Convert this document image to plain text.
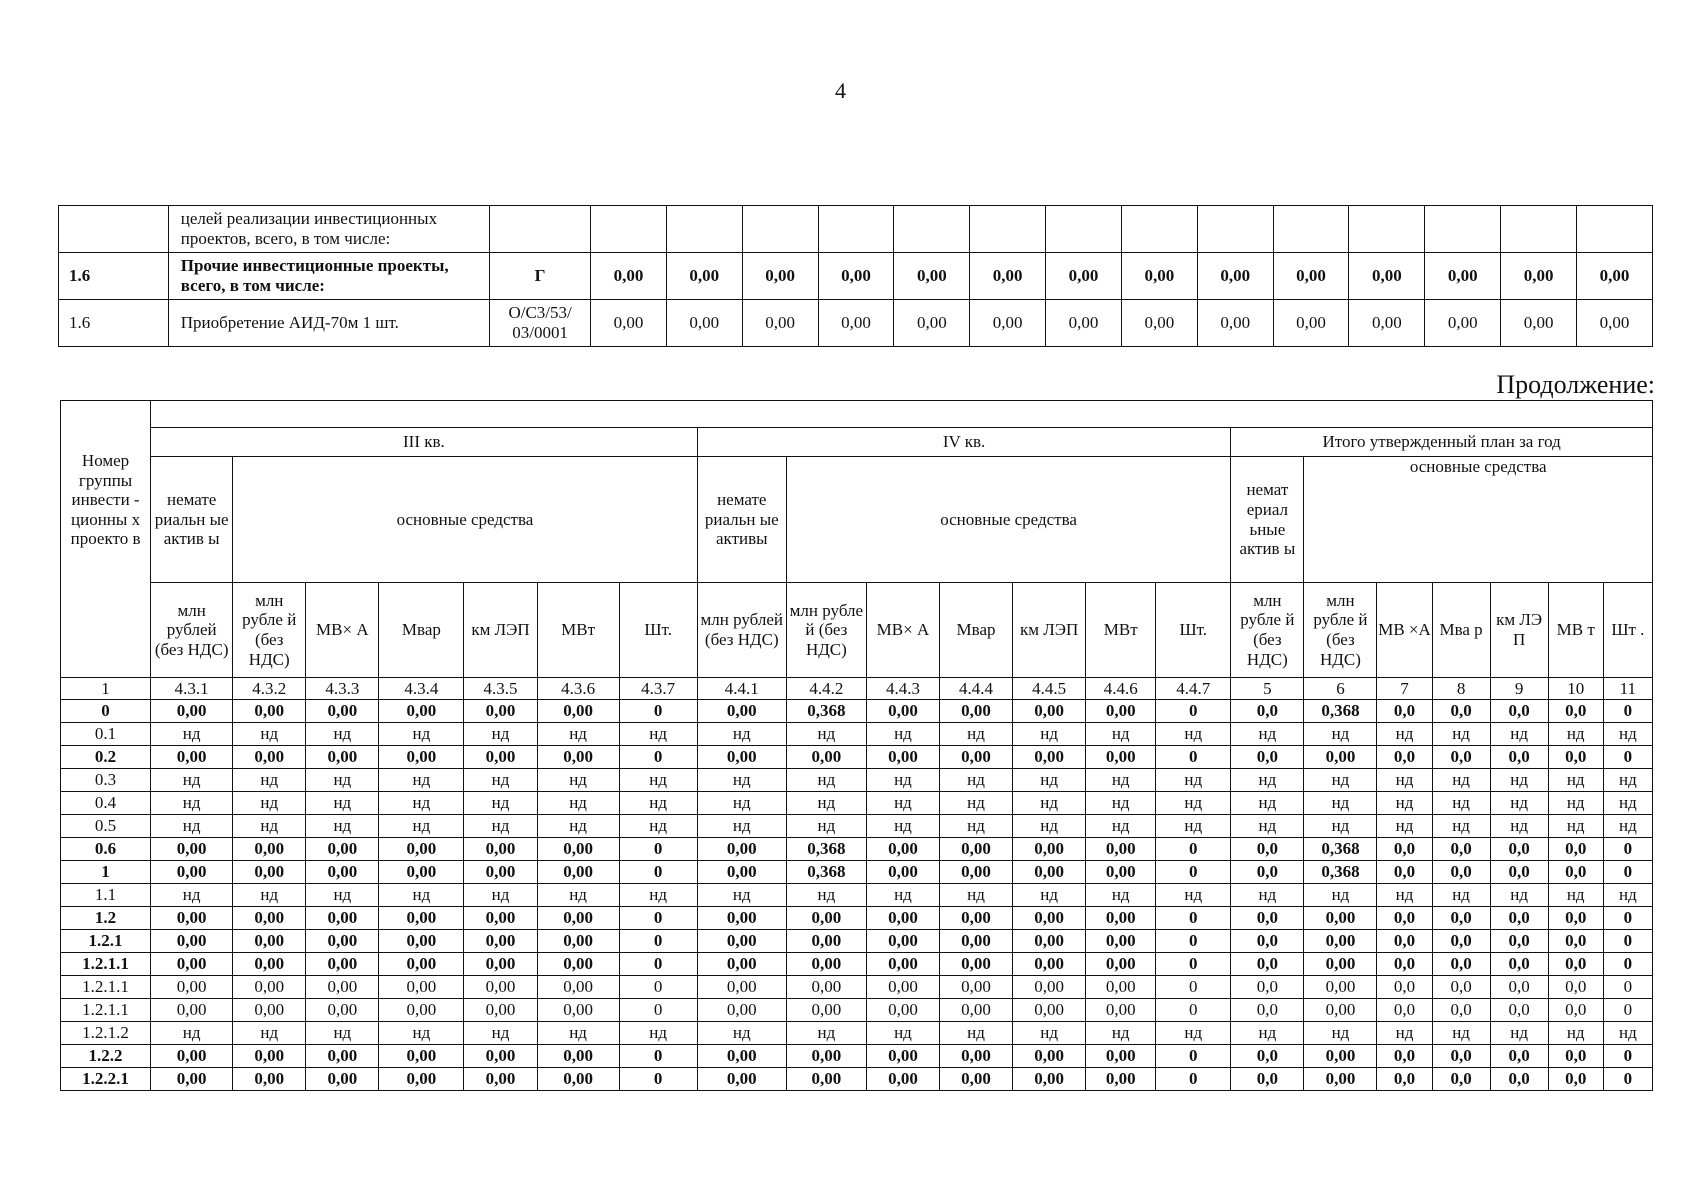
4
	целей реализации инвестиционных проектов, всего, в том числе:															
1.6	Прочие инвестиционные проекты, всего, в том числе:	Г	0,00	0,00	0,00	0,00	0,00	0,00	0,00	0,00	0,00	0,00	0,00	0,00	0,00	0,00
1.6	Приобретение АИД-70м 1 шт.	О/С3/53/ 03/0001	0,00	0,00	0,00	0,00	0,00	0,00	0,00	0,00	0,00	0,00	0,00	0,00	0,00	0,00
Продолжение:
Номер группы инвести - ционны х проекто в																					
	III кв.							IV кв.							Итого утвержденный план за год						
	немате риальн ые актив ы	основные средства						немате риальн ые активы	основные средства						немат ериал ьные актив ы	основные средства					
	млн рублей (без НДС)	млн рубле й (без НДС)	МВ× А	Мвар	км ЛЭП	МВт	Шт.	млн рублей (без НДС)	млн рубле й (без НДС)	МВ× А	Мвар	км ЛЭП	МВт	Шт.	млн рубле й (без НДС)	млн рубле й (без НДС)	МВ ×А	Мва р	км ЛЭ П	МВ т	Шт .
1	4.3.1	4.3.2	4.3.3	4.3.4	4.3.5	4.3.6	4.3.7	4.4.1	4.4.2	4.4.3	4.4.4	4.4.5	4.4.6	4.4.7	5	6	7	8	9	10	11
0	0,00	0,00	0,00	0,00	0,00	0,00	0	0,00	0,368	0,00	0,00	0,00	0,00	0	0,0	0,368	0,0	0,0	0,0	0,0	0
0.1	нд	нд	нд	нд	нд	нд	нд	нд	нд	нд	нд	нд	нд	нд	нд	нд	нд	нд	нд	нд	нд
0.2	0,00	0,00	0,00	0,00	0,00	0,00	0	0,00	0,00	0,00	0,00	0,00	0,00	0	0,0	0,00	0,0	0,0	0,0	0,0	0
0.3	нд	нд	нд	нд	нд	нд	нд	нд	нд	нд	нд	нд	нд	нд	нд	нд	нд	нд	нд	нд	нд
0.4	нд	нд	нд	нд	нд	нд	нд	нд	нд	нд	нд	нд	нд	нд	нд	нд	нд	нд	нд	нд	нд
0.5	нд	нд	нд	нд	нд	нд	нд	нд	нд	нд	нд	нд	нд	нд	нд	нд	нд	нд	нд	нд	нд
0.6	0,00	0,00	0,00	0,00	0,00	0,00	0	0,00	0,368	0,00	0,00	0,00	0,00	0	0,0	0,368	0,0	0,0	0,0	0,0	0
1	0,00	0,00	0,00	0,00	0,00	0,00	0	0,00	0,368	0,00	0,00	0,00	0,00	0	0,0	0,368	0,0	0,0	0,0	0,0	0
1.1	нд	нд	нд	нд	нд	нд	нд	нд	нд	нд	нд	нд	нд	нд	нд	нд	нд	нд	нд	нд	нд
1.2	0,00	0,00	0,00	0,00	0,00	0,00	0	0,00	0,00	0,00	0,00	0,00	0,00	0	0,0	0,00	0,0	0,0	0,0	0,0	0
1.2.1	0,00	0,00	0,00	0,00	0,00	0,00	0	0,00	0,00	0,00	0,00	0,00	0,00	0	0,0	0,00	0,0	0,0	0,0	0,0	0
1.2.1.1	0,00	0,00	0,00	0,00	0,00	0,00	0	0,00	0,00	0,00	0,00	0,00	0,00	0	0,0	0,00	0,0	0,0	0,0	0,0	0
1.2.1.1	0,00	0,00	0,00	0,00	0,00	0,00	0	0,00	0,00	0,00	0,00	0,00	0,00	0	0,0	0,00	0,0	0,0	0,0	0,0	0
1.2.1.1	0,00	0,00	0,00	0,00	0,00	0,00	0	0,00	0,00	0,00	0,00	0,00	0,00	0	0,0	0,00	0,0	0,0	0,0	0,0	0
1.2.1.2	нд	нд	нд	нд	нд	нд	нд	нд	нд	нд	нд	нд	нд	нд	нд	нд	нд	нд	нд	нд	нд
1.2.2	0,00	0,00	0,00	0,00	0,00	0,00	0	0,00	0,00	0,00	0,00	0,00	0,00	0	0,0	0,00	0,0	0,0	0,0	0,0	0
1.2.2.1	0,00	0,00	0,00	0,00	0,00	0,00	0	0,00	0,00	0,00	0,00	0,00	0,00	0	0,0	0,00	0,0	0,0	0,0	0,0	0
